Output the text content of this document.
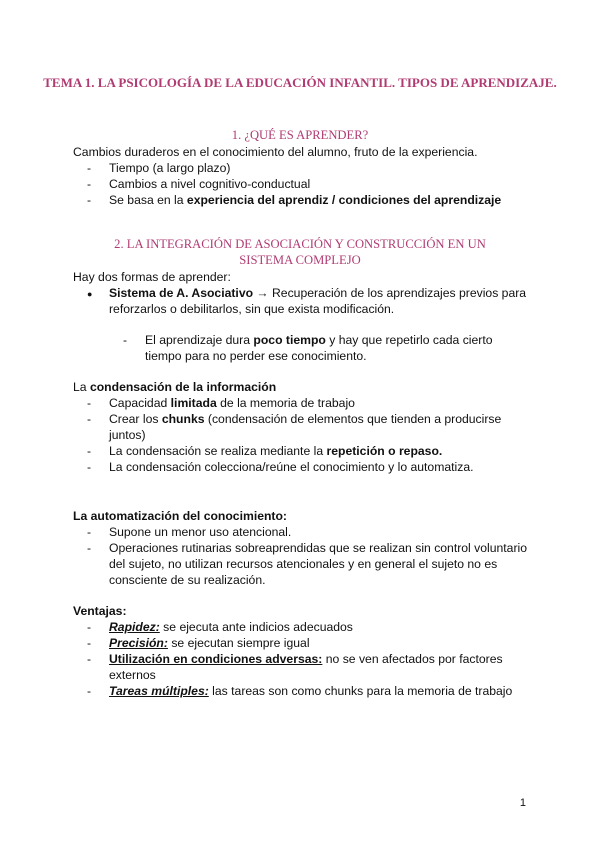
TEMA 1. LA PSICOLOGÍA DE LA EDUCACIÓN INFANTIL. TIPOS DE APRENDIZAJE.
1. ¿QUÉ ES APRENDER?
Cambios duraderos en el conocimiento del alumno, fruto de la experiencia.
- Tiempo (a largo plazo)
- Cambios a nivel cognitivo-conductual
- Se basa en la experiencia del aprendiz / condiciones del aprendizaje
2. LA INTEGRACIÓN DE ASOCIACIÓN Y CONSTRUCCIÓN EN UN
SISTEMA COMPLEJO
Hay dos formas de aprender:
● Sistema de A. Asociativo → Recuperación de los aprendizajes previos para
reforzarlos o debilitarlos, sin que exista modificación.
- El aprendizaje dura poco tiempo y hay que repetirlo cada cierto
tiempo para no perder ese conocimiento.
La condensación de la información
- Capacidad limitada de la memoria de trabajo
- Crear los chunks (condensación de elementos que tienden a producirse
juntos)
- La condensación se realiza mediante la repetición o repaso.
- La condensación colecciona/reúne el conocimiento y lo automatiza.
La automatización del conocimiento:
- Supone un menor uso atencional.
- Operaciones rutinarias sobreaprendidas que se realizan sin control voluntario
del sujeto, no utilizan recursos atencionales y en general el sujeto no es
consciente de su realización.
Ventajas:
- Rapidez: se ejecuta ante indicios adecuados
- Precisión: se ejecutan siempre igual
- Utilización en condiciones adversas: no se ven afectados por factores
externos
- Tareas múltiples: las tareas son como chunks para la memoria de trabajo
1
